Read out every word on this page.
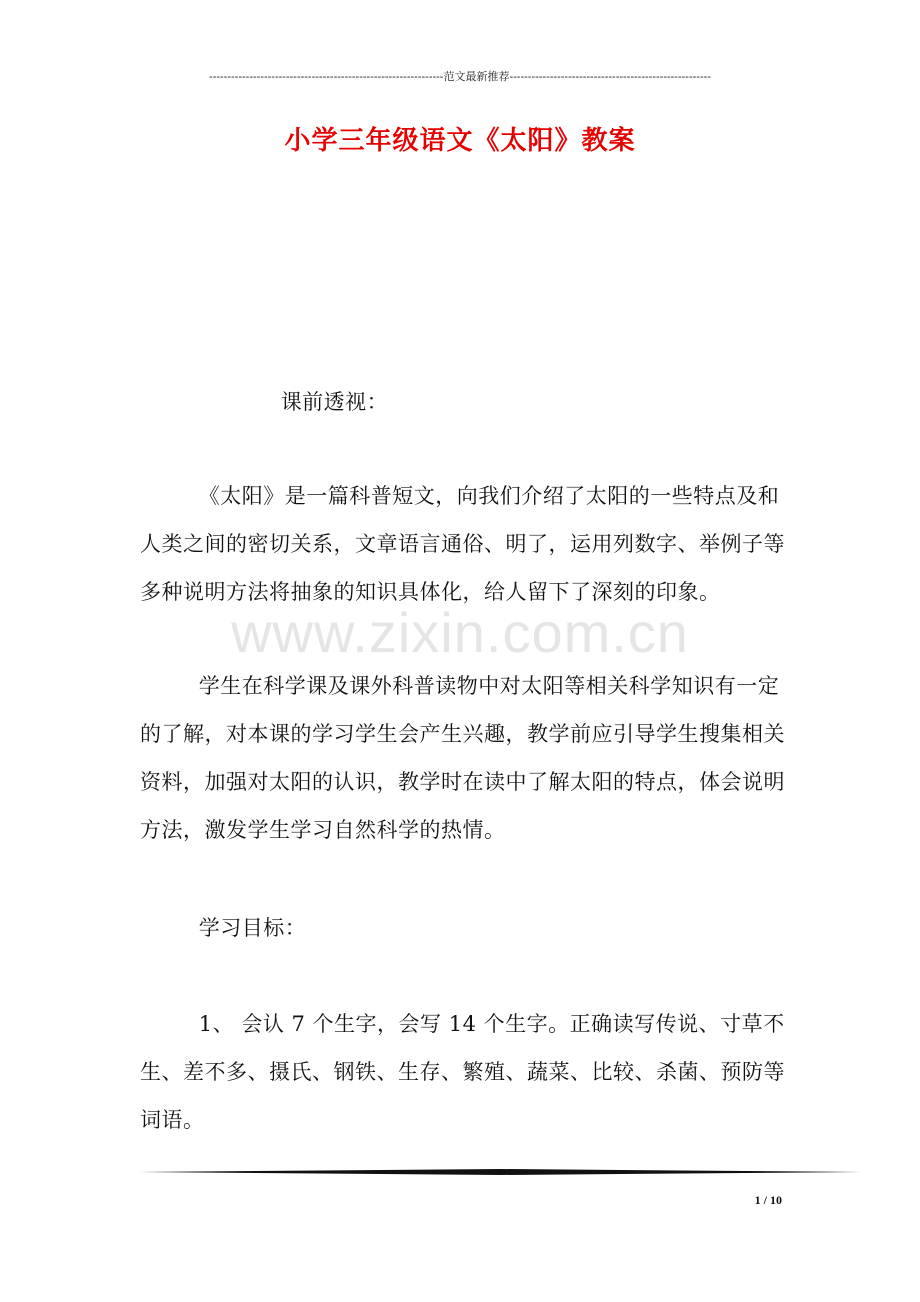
----------------------------------------------------------------范文最新推荐-------------------------------------------------------
小学三年级语文《太阳》教案
www.zixin.com.cn

课前透视：

《太阳》是一篇科普短文，向我们介绍了太阳的一些特点及和人类之间的密切关系，文章语言通俗、明了，运用列数字、举例子等多种说明方法将抽象的知识具体化，给人留下了深刻的印象。

学生在科学课及课外科普读物中对太阳等相关科学知识有一定的了解，对本课的学习学生会产生兴趣，教学前应引导学生搜集相关资料，加强对太阳的认识，教学时在读中了解太阳的特点，体会说明方法，激发学生学习自然科学的热情。

学习目标：

1、 会认 7 个生字，会写 14 个生字。正确读写传说、寸草不生、差不多、摄氏、钢铁、生存、繁殖、蔬菜、比较、杀菌、预防等词语。

1 / 10
